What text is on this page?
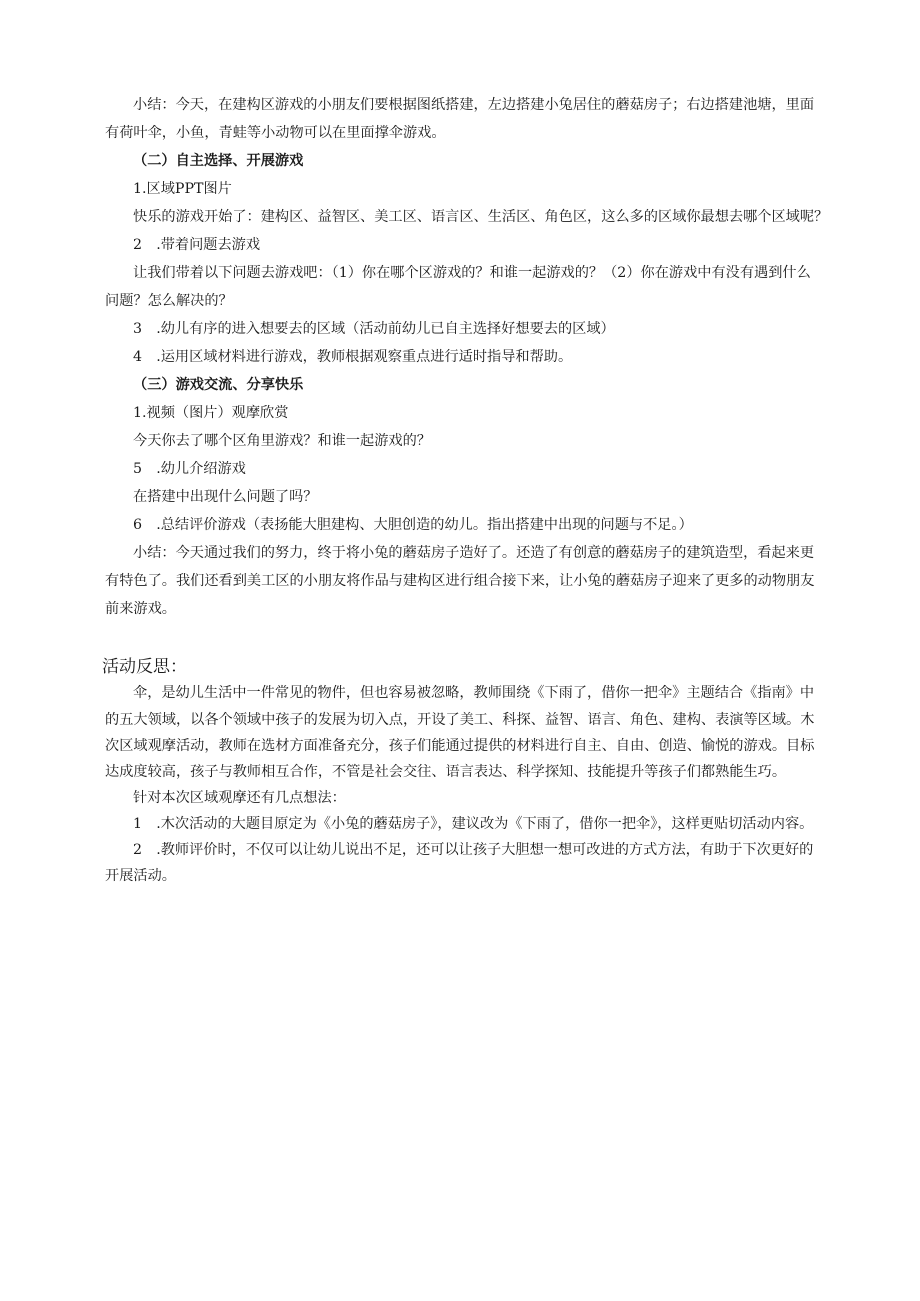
小结：今天，在建构区游戏的小朋友们要根据图纸搭建，左边搭建小兔居住的蘑菇房子；右边搭建池塘，里面
有荷叶伞，小鱼，青蛙等小动物可以在里面撑伞游戏。
（二）自主选择、开展游戏
1.区域PPT图片
快乐的游戏开始了：建构区、益智区、美工区、语言区、生活区、角色区，这么多的区域你最想去哪个区域呢？
2　.带着问题去游戏
让我们带着以下问题去游戏吧：（1）你在哪个区游戏的？和谁一起游戏的？（2）你在游戏中有没有遇到什么
问题？怎么解决的？
3　.幼儿有序的进入想要去的区域（活动前幼儿已自主选择好想要去的区域）
4　.运用区域材料进行游戏，教师根据观察重点进行适时指导和帮助。
（三）游戏交流、分享快乐
1.视频（图片）观摩欣赏
今天你去了哪个区角里游戏？和谁一起游戏的？
5　.幼儿介绍游戏
在搭建中出现什么问题了吗？
6　.总结评价游戏（表扬能大胆建构、大胆创造的幼儿。指出搭建中出现的问题与不足。）
小结：今天通过我们的努力，终于将小兔的蘑菇房子造好了。还造了有创意的蘑菇房子的建筑造型，看起来更
有特色了。我们还看到美工区的小朋友将作品与建构区进行组合接下来，让小兔的蘑菇房子迎来了更多的动物朋友
前来游戏。
活动反思：
伞，是幼儿生活中一件常见的物件，但也容易被忽略，教师围绕《下雨了，借你一把伞》主题结合《指南》中
的五大领域，以各个领域中孩子的发展为切入点，开设了美工、科探、益智、语言、角色、建构、表演等区域。木
次区域观摩活动，教师在选材方面准备充分，孩子们能通过提供的材料进行自主、自由、创造、愉悦的游戏。目标
达成度较高，孩子与教师相互合作，不管是社会交往、语言表达、科学探知、技能提升等孩子们都熟能生巧。
针对本次区域观摩还有几点想法：
1　.木次活动的大题目原定为《小兔的蘑菇房子》，建议改为《下雨了，借你一把伞》，这样更贴切活动内容。
2　.教师评价时，不仅可以让幼儿说出不足，还可以让孩子大胆想一想可改进的方式方法，有助于下次更好的
开展活动。
